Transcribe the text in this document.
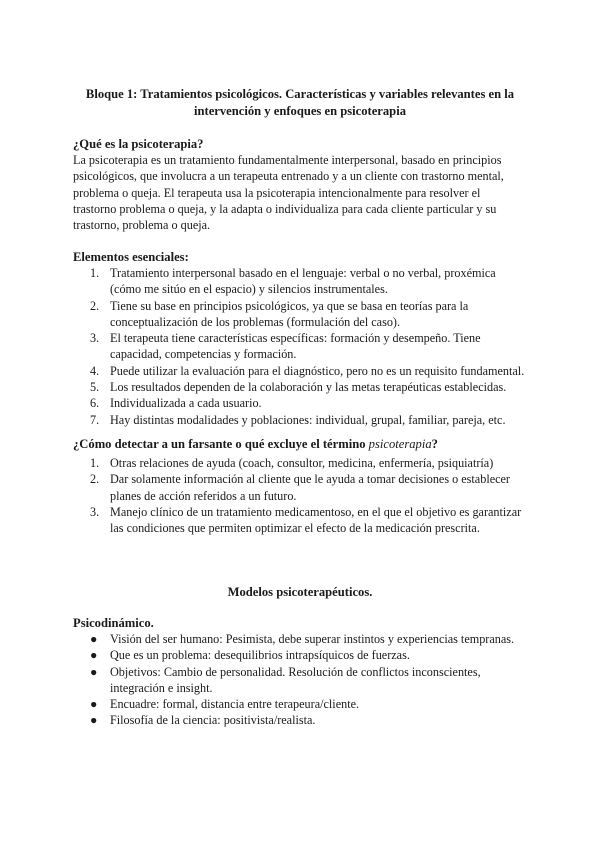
Bloque 1: Tratamientos psicológicos. Características y variables relevantes en la
intervención y enfoques en psicoterapia

¿Qué es la psicoterapia?

La psicoterapia es un tratamiento fundamentalmente interpersonal, basado en principios psicológicos, que involucra a un terapeuta entrenado y a un cliente con trastorno mental, problema o queja. El terapeuta usa la psicoterapia intencionalmente para resolver el trastorno problema o queja, y la adapta o individualiza para cada cliente particular y su trastorno, problema o queja.

Elementos esenciales:

1. Tratamiento interpersonal basado en el lenguaje: verbal o no verbal, proxémica (cómo me sitúo en el espacio) y silencios instrumentales.
2. Tiene su base en principios psicológicos, ya que se basa en teorías para la conceptualización de los problemas (formulación del caso).
3. El terapeuta tiene características específicas: formación y desempeño. Tiene capacidad, competencias y formación.
4. Puede utilizar la evaluación para el diagnóstico, pero no es un requisito fundamental.
5. Los resultados dependen de la colaboración y las metas terapéuticas establecidas.
6. Individualizada a cada usuario.
7. Hay distintas modalidades y poblaciones: individual, grupal, familiar, pareja, etc.

¿Cómo detectar a un farsante o qué excluye el término psicoterapia?

1. Otras relaciones de ayuda (coach, consultor, medicina, enfermería, psiquiatría)
2. Dar solamente información al cliente que le ayuda a tomar decisiones o establecer planes de acción referidos a un futuro.
3. Manejo clínico de un tratamiento medicamentoso, en el que el objetivo es garantizar las condiciones que permiten optimizar el efecto de la medicación prescrita.
Modelos psicoterapéuticos.

Psicodinámico.

● Visión del ser humano: Pesimista, debe superar instintos y experiencias tempranas.
● Que es un problema: desequilibrios intrapsíquicos de fuerzas.
● Objetivos: Cambio de personalidad. Resolución de conflictos inconscientes, integración e insight.
● Encuadre: formal, distancia entre terapeura/cliente.
● Filosofía de la ciencia: positivista/realista.
